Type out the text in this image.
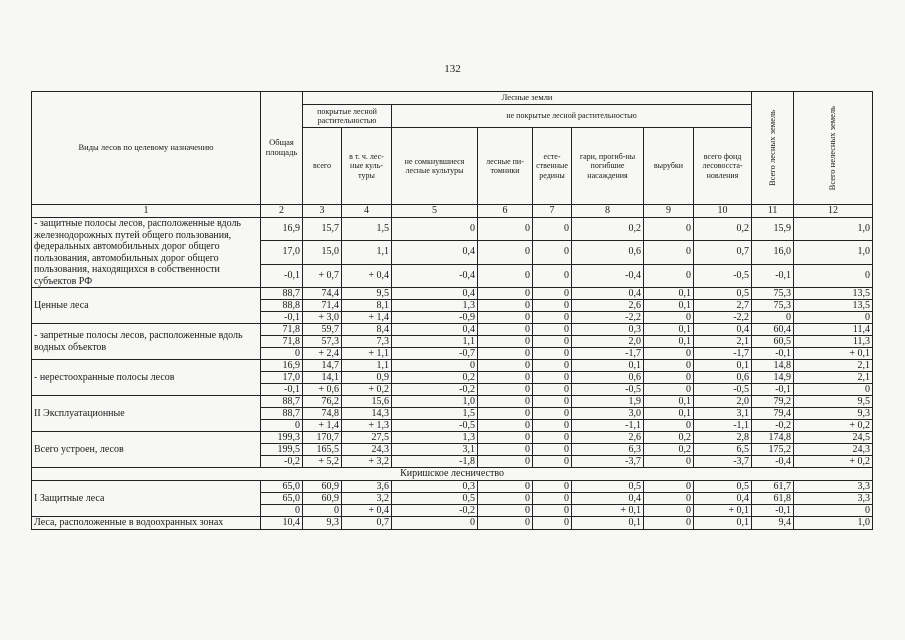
132
Виды лесов по целевому назначению	Общая площадь	Лесные земли								Всего лесных земель	Всего нелесных земель

		покрытые лесной растительностью		не покрытые лесной растительностью							
		всего	в т. ч. лес-ные куль-туры	не сомкнувшиеся лесные культуры	лесные пи-томники	есте-ственные редины	гари, прогиб-ны погибшие насаждения	вырубки	всего фонд лесовосста-новления		
1	2	3	4	5	6	7	8	9	10	11	12
- защитные полосы лесов, расположенные вдоль железнодорожных путей общего пользования, федеральных автомобильных дорог общего пользования, автомобильных дорог общего пользования, находящихся в собственности субъектов РФ	16,9	15,7	1,5	0	0	0	0,2	0	0,2	15,9	1,0
	17,0	15,0	1,1	0,4	0	0	0,6	0	0,7	16,0	1,0
	-0,1	+ 0,7	+ 0,4	-0,4	0	0	-0,4	0	-0,5	-0,1	0
Ценные леса	88,7	74,4	9,5	0,4	0	0	0,4	0,1	0,5	75,3	13,5
	88,8	71,4	8,1	1,3	0	0	2,6	0,1	2,7	75,3	13,5
	-0,1	+ 3,0	+ 1,4	-0,9	0	0	-2,2	0	-2,2	0	0
- запретные полосы лесов, расположенные вдоль водных объектов	71,8	59,7	8,4	0,4	0	0	0,3	0,1	0,4	60,4	11,4
	71,8	57,3	7,3	1,1	0	0	2,0	0,1	2,1	60,5	11,3
	0	+ 2,4	+ 1,1	-0,7	0	0	-1,7	0	-1,7	-0,1	+ 0,1
- нерестоохранные полосы лесов	16,9	14,7	1,1	0	0	0	0,1	0	0,1	14,8	2,1
	17,0	14,1	0,9	0,2	0	0	0,6	0	0,6	14,9	2,1
	-0,1	+ 0,6	+ 0,2	-0,2	0	0	-0,5	0	-0,5	-0,1	0
II Эксплуатационные	88,7	76,2	15,6	1,0	0	0	1,9	0,1	2,0	79,2	9,5
	88,7	74,8	14,3	1,5	0	0	3,0	0,1	3,1	79,4	9,3
	0	+ 1,4	+ 1,3	-0,5	0	0	-1,1	0	-1,1	-0,2	+ 0,2
Всего устроен, лесов	199,3	170,7	27,5	1,3	0	0	2,6	0,2	2,8	174,8	24,5
	199,5	165,5	24,3	3,1	0	0	6,3	0,2	6,5	175,2	24,3
	-0,2	+ 5,2	+ 3,2	-1,8	0	0	-3,7	0	-3,7	-0,4	+ 0,2
Киришское лесничество											
I Защитные леса	65,0	60,9	3,6	0,3	0	0	0,5	0	0,5	61,7	3,3
	65,0	60,9	3,2	0,5	0	0	0,4	0	0,4	61,8	3,3
	0	0	+ 0,4	-0,2	0	0	+ 0,1	0	+ 0,1	-0,1	0
Леса, расположенные в водоохранных зонах	10,4	9,3	0,7	0	0	0	0,1	0	0,1	9,4	1,0
